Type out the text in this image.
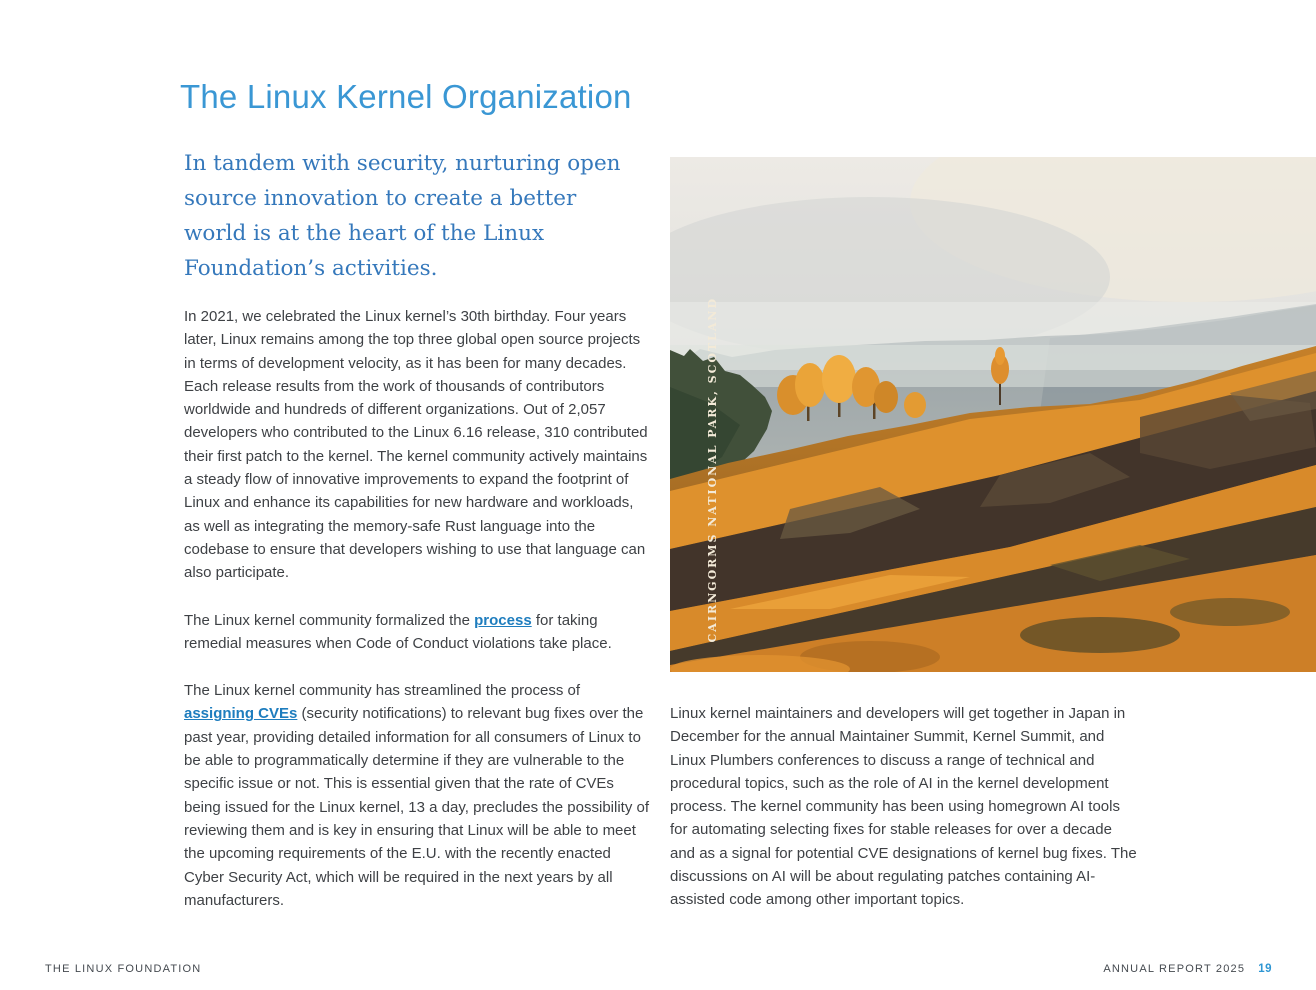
The Linux Kernel Organization

In tandem with security, nurturing open source innovation to create a better world is at the heart of the Linux Foundation’s activities.

In 2021, we celebrated the Linux kernel’s 30th birthday. Four years later, Linux remains among the top three global open source projects in terms of development velocity, as it has been for many decades. Each release results from the work of thousands of contributors worldwide and hundreds of different organizations. Out of 2,057 developers who contributed to the Linux 6.16 release, 310 contributed their first patch to the kernel. The kernel community actively maintains a steady flow of innovative improvements to expand the footprint of Linux and enhance its capabilities for new hardware and workloads, as well as integrating the memory-safe Rust language into the codebase to ensure that developers wishing to use that language can also participate.

The Linux kernel community formalized the process for taking remedial measures when Code of Conduct violations take place.

The Linux kernel community has streamlined the process of assigning CVEs (security notifications) to relevant bug fixes over the past year, providing detailed information for all consumers of Linux to be able to programmatically determine if they are vulnerable to the specific issue or not. This is essential given that the rate of CVEs being issued for the Linux kernel, 13 a day, precludes the possibility of reviewing them and is key in ensuring that Linux will be able to meet the upcoming requirements of the E.U. with the recently enacted Cyber Security Act, which will be required in the next years by all manufacturers.

CAIRNGORMS NATIONAL PARK, SCOTLAND

Linux kernel maintainers and developers will get together in Japan in December for the annual Maintainer Summit, Kernel Summit, and Linux Plumbers conferences to discuss a range of technical and procedural topics, such as the role of AI in the kernel development process. The kernel community has been using homegrown AI tools for automating selecting fixes for stable releases for over a decade and as a signal for potential CVE designations of kernel bug fixes. The discussions on AI will be about regulating patches containing AI-assisted code among other important topics.

THE LINUX FOUNDATION	ANNUAL REPORT 2025 19
